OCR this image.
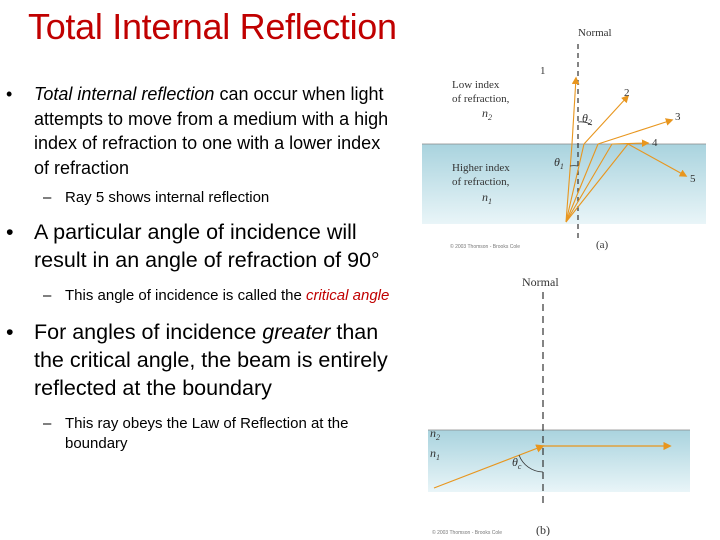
Total Internal Reflection
• Total internal reflection can occur when light attempts to move from a medium with a high index of refraction to one with a lower index of refraction
– Ray 5 shows internal reflection
• A particular angle of incidence will result in an angle of refraction of 90°
– This angle of incidence is called the critical angle
• For angles of incidence greater than the critical angle, the beam is entirely reflected at the boundary
– This ray obeys the Law of Reflection at the boundary
Normal
Low index
of refraction,
$n_2$
Higher index
of refraction,
$n_1$
$\theta_1$
$\theta_2$
1
2
3
4
5
© 2003 Thomson - Brooks Cole	(a)
Normal
$n_2$
$n_1$	$\theta_c$
© 2003 Thomson - Brooks Cole	(b)
